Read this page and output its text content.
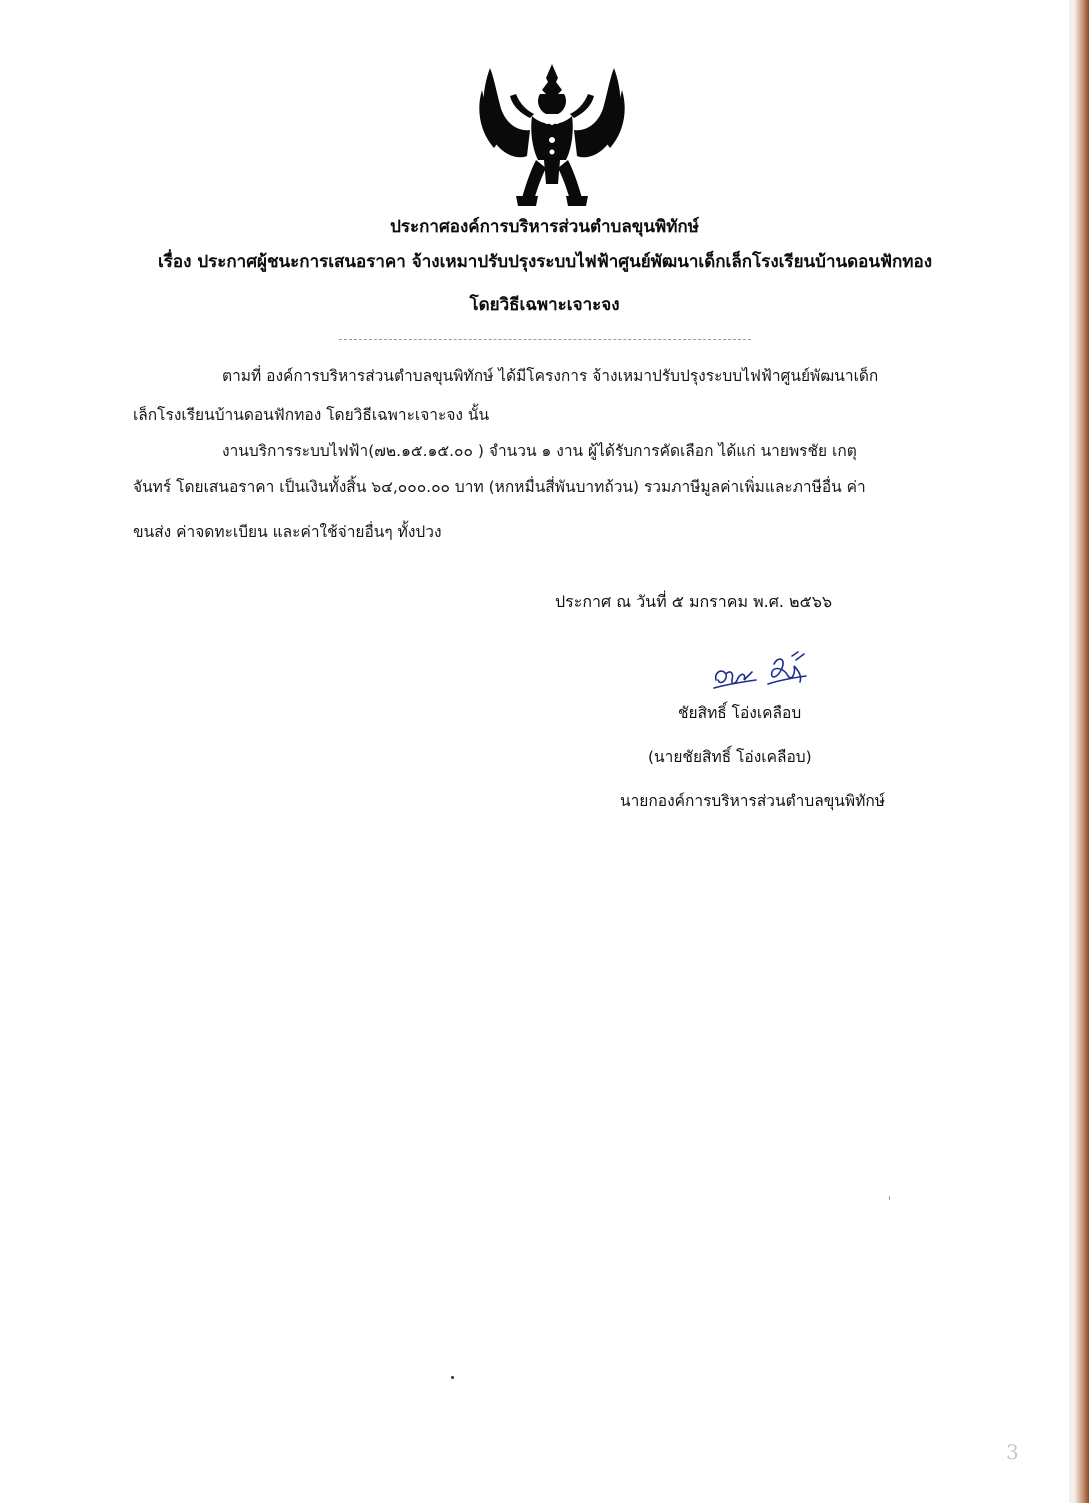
ประกาศองค์การบริหารส่วนตำบลขุนพิทักษ์
เรื่อง ประกาศผู้ชนะการเสนอราคา จ้างเหมาปรับปรุงระบบไฟฟ้าศูนย์พัฒนาเด็กเล็กโรงเรียนบ้านดอนฟักทอง
โดยวิธีเฉพาะเจาะจง
ตามที่ องค์การบริหารส่วนตำบลขุนพิทักษ์ ได้มีโครงการ จ้างเหมาปรับปรุงระบบไฟฟ้าศูนย์พัฒนาเด็ก
เล็กโรงเรียนบ้านดอนฟักทอง โดยวิธีเฉพาะเจาะจง นั้น
งานบริการระบบไฟฟ้า(๗๒.๑๕.๑๕.๐๐ ) จำนวน ๑ งาน ผู้ได้รับการคัดเลือก ได้แก่ นายพรชัย เกตุ
จันทร์ โดยเสนอราคา เป็นเงินทั้งสิ้น ๖๔,๐๐๐.๐๐ บาท (หกหมื่นสี่พันบาทถ้วน) รวมภาษีมูลค่าเพิ่มและภาษีอื่น ค่า
ขนส่ง ค่าจดทะเบียน และค่าใช้จ่ายอื่นๆ ทั้งปวง
ประกาศ ณ วันที่ ๕ มกราคม พ.ศ. ๒๕๖๖
ชัยสิทธิ์ โอ่งเคลือบ
(นายชัยสิทธิ์ โอ่งเคลือบ)
นายกองค์การบริหารส่วนตำบลขุนพิทักษ์
3
